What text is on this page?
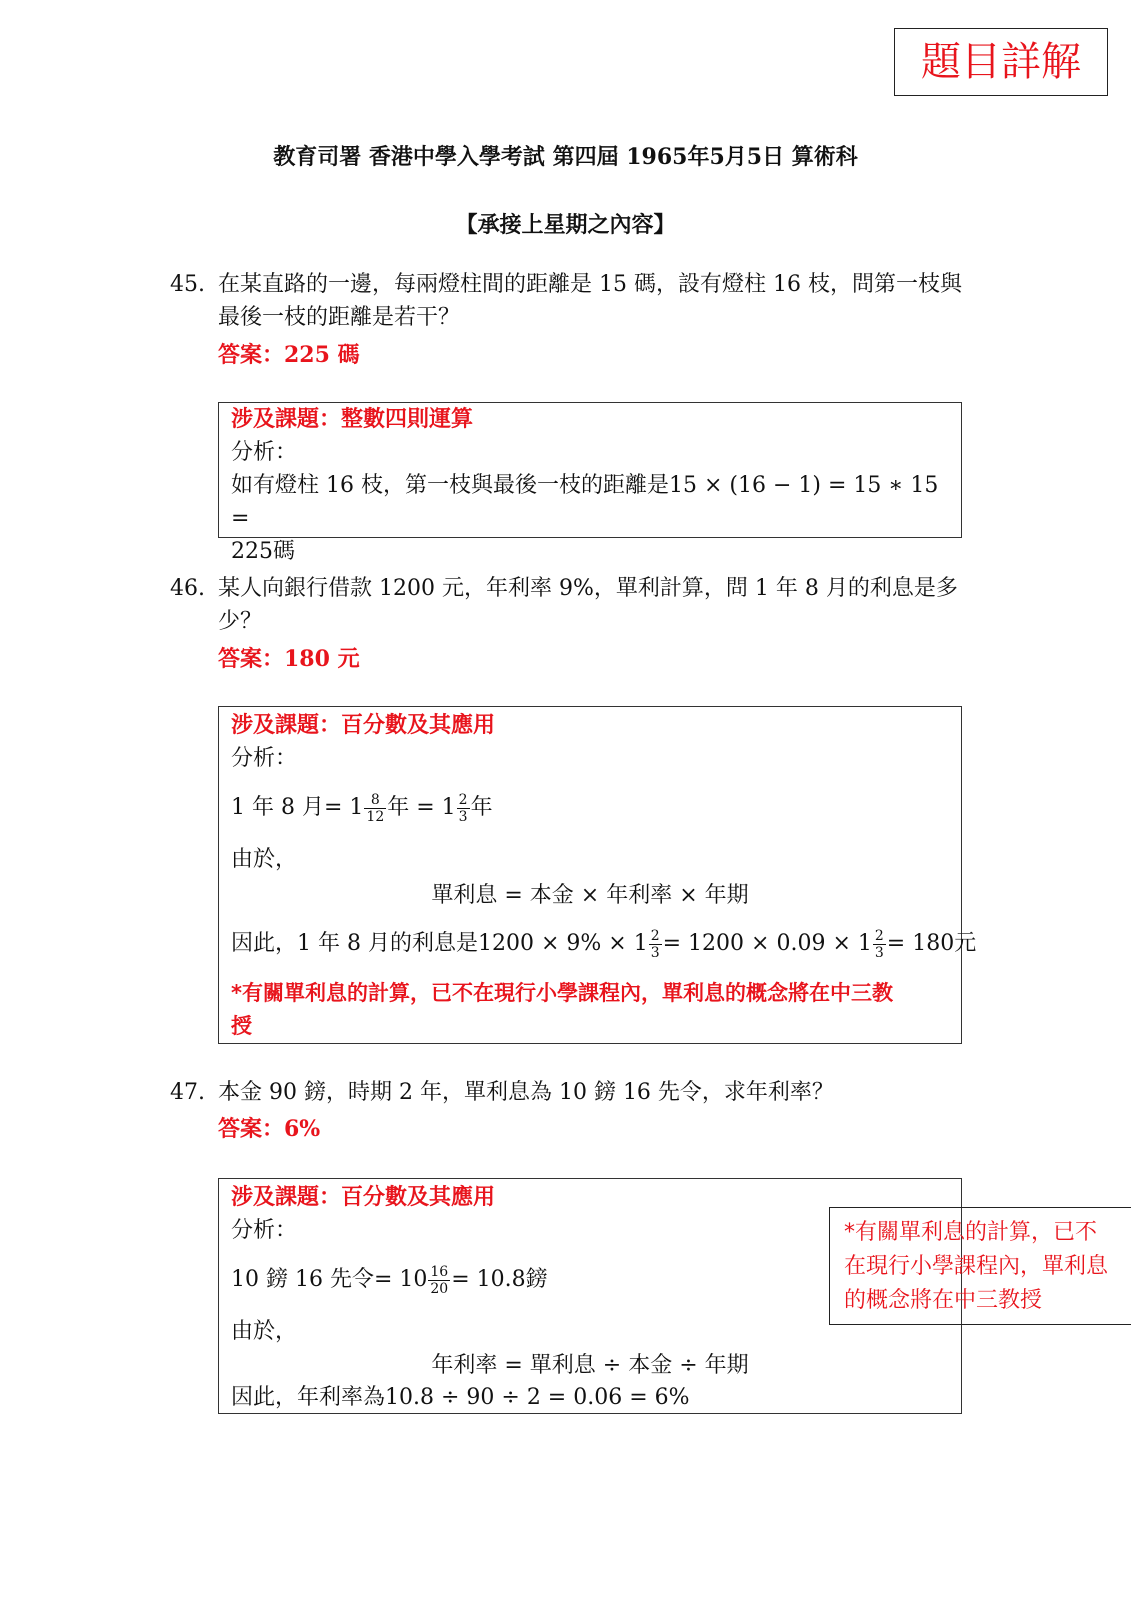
題目詳解
教育司署 香港中學入學考試 第四屆 1965年5月5日 算術科
【承接上星期之內容】
45. 在某直路的一邊，每兩燈柱間的距離是 15 碼，設有燈柱 16 枝，問第一枝與最後一枝的距離是若干？
答案：225 碼
涉及課題：整數四則運算
分析：
如有燈柱 16 枝，第一枝與最後一枝的距離是15 × (16 − 1) = 15 ∗ 15 =
225碼
46. 某人向銀行借款 1200 元，年利率 9%，單利計算，問 1 年 8 月的利息是多少？
答案：180 元
涉及課題：百分數及其應用
分析：
1 年 8 月= $1 \frac{8}{12}$ 年 = $1 \frac{2}{3}$ 年
由於，
單利息 = 本金 × 年利率 × 年期
因此，1 年 8 月的利息是$1200 \times 9\% \times 1 \frac{2}{3} = 1200 \times 0.09 \times 1 \frac{2}{3} = 180$元
*有關單利息的計算，已不在現行小學課程內，單利息的概念將在中三教
授
47. 本金 90 鎊，時期 2 年，單利息為 10 鎊 16 先令，求年利率？
答案：6%
涉及課題：百分數及其應用
分析：
10 鎊 16 先令= $10 \frac{16}{20} = 10.8$鎊
由於，
年利率 = 單利息 ÷ 本金 ÷ 年期
因此，年利率為10.8 ÷ 90 ÷ 2 = 0.06 = 6%
*有關單利息的計算，已不
在現行小學課程內，單利息
的概念將在中三教授
